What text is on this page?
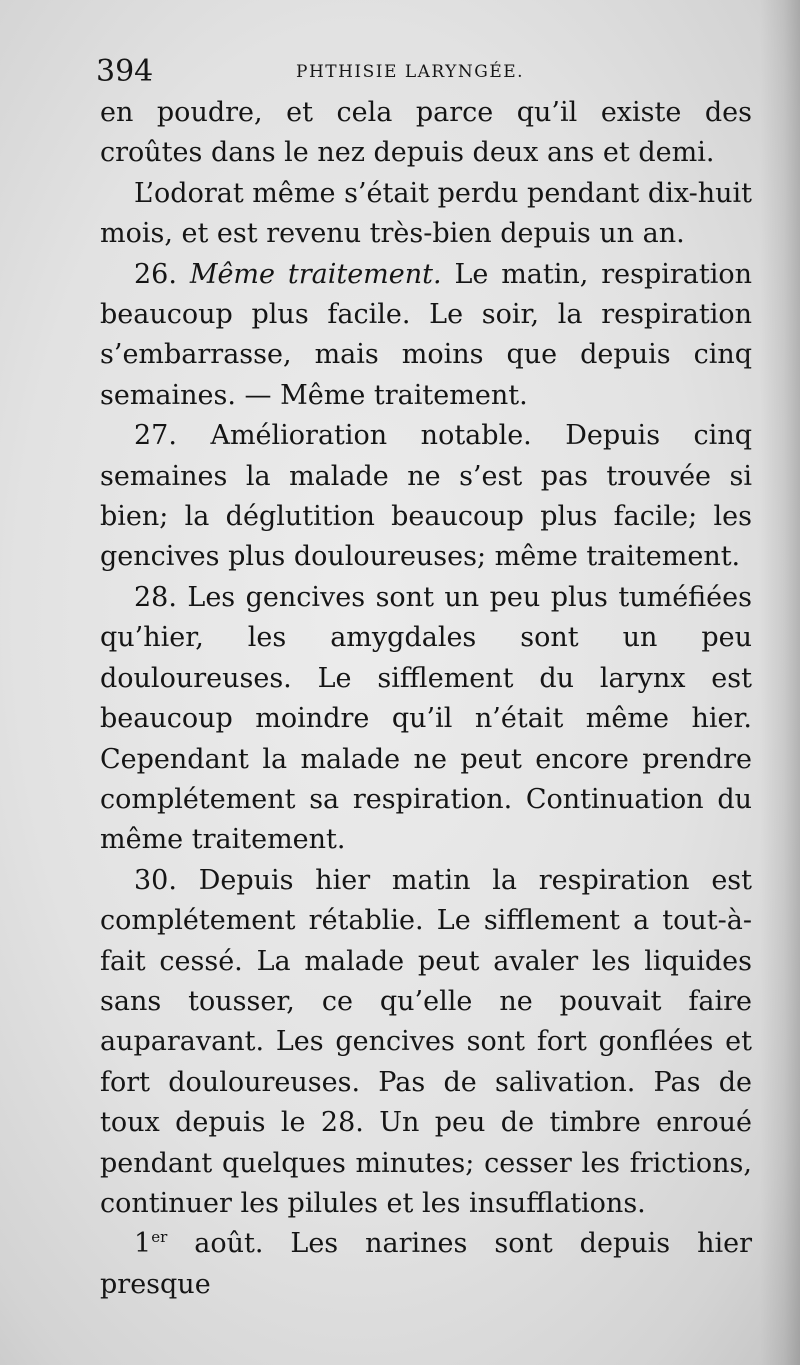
394	PHTHISIE LARYNGÉE.

en poudre, et cela parce qu’il existe des croûtes dans le nez depuis deux ans et demi.

L’odorat même s’était perdu pendant dix-huit mois, et est revenu très-bien depuis un an.

26. Même traitement. Le matin, respiration beaucoup plus facile. Le soir, la respiration s’embarrasse, mais moins que depuis cinq semaines. — Même traitement.

27. Amélioration notable. Depuis cinq semaines la malade ne s’est pas trouvée si bien; la déglutition beaucoup plus facile; les gencives plus douloureuses; même traitement.

28. Les gencives sont un peu plus tuméfiées qu’hier, les amygdales sont un peu douloureuses. Le sifflement du larynx est beaucoup moindre qu’il n’était même hier. Cependant la malade ne peut encore prendre complétement sa respiration. Continuation du même traitement.

30. Depuis hier matin la respiration est complétement rétablie. Le sifflement a tout-à-fait cessé. La malade peut avaler les liquides sans tousser, ce qu’elle ne pouvait faire auparavant. Les gencives sont fort gonflées et fort douloureuses. Pas de salivation. Pas de toux depuis le 28. Un peu de timbre enroué pendant quelques minutes; cesser les frictions, continuer les pilules et les insufflations.

1er août. Les narines sont depuis hier presque
